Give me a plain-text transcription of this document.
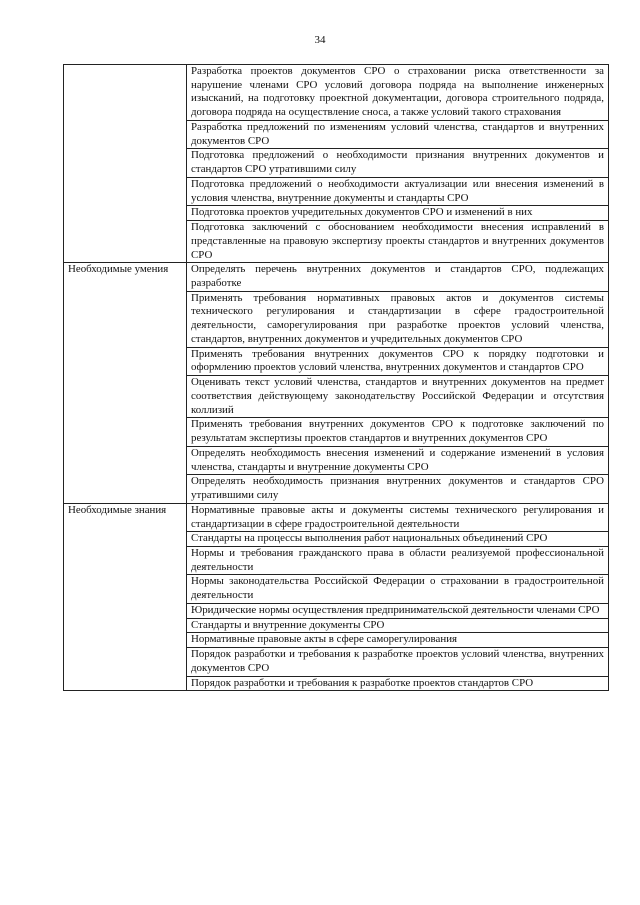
34
	Разработка проектов документов СРО о страховании риска ответственности за нарушение членами СРО условий договора подряда на выполнение инженерных изысканий, на подготовку проектной документации, договора строительного подряда, договора подряда на осуществление сноса, а также условий такого страхования
	Разработка предложений по изменениям условий членства, стандартов и внутренних документов СРО
	Подготовка предложений о необходимости признания внутренних документов и стандартов СРО утратившими силу
	Подготовка предложений о необходимости актуализации или внесения изменений в условия членства, внутренние документы и стандарты СРО
	Подготовка проектов учредительных документов СРО и изменений в них
	Подготовка заключений с обоснованием необходимости внесения исправлений в представленные на правовую экспертизу проекты стандартов и внутренних документов СРО

Необходимые умения	Определять перечень внутренних документов и стандартов СРО, подлежащих разработке
	Применять требования нормативных правовых актов и документов системы технического регулирования и стандартизации в сфере градостроительной деятельности, саморегулирования при разработке проектов условий членства, стандартов, внутренних документов и учредительных документов СРО
	Применять требования внутренних документов СРО к порядку подготовки и оформлению проектов условий членства, внутренних документов и стандартов СРО
	Оценивать текст условий членства, стандартов и внутренних документов на предмет соответствия действующему законодательству Российской Федерации и отсутствия коллизий
	Применять требования внутренних документов СРО к подготовке заключений по результатам экспертизы проектов стандартов и внутренних документов СРО
	Определять необходимость внесения изменений и содержание изменений в условия членства, стандарты и внутренние документы СРО
	Определять необходимость признания внутренних документов и стандартов СРО утратившими силу

Необходимые знания	Нормативные правовые акты и документы системы технического регулирования и стандартизации в сфере градостроительной деятельности
	Стандарты на процессы выполнения работ национальных объединений СРО
	Нормы и требования гражданского права в области реализуемой профессиональной деятельности
	Нормы законодательства Российской Федерации о страховании в градостроительной деятельности
	Юридические нормы осуществления предпринимательской деятельности членами СРО
	Стандарты и внутренние документы СРО
	Нормативные правовые акты в сфере саморегулирования
	Порядок разработки и требования к разработке проектов условий членства, внутренних документов СРО
	Порядок разработки и требования к разработке проектов стандартов СРО
